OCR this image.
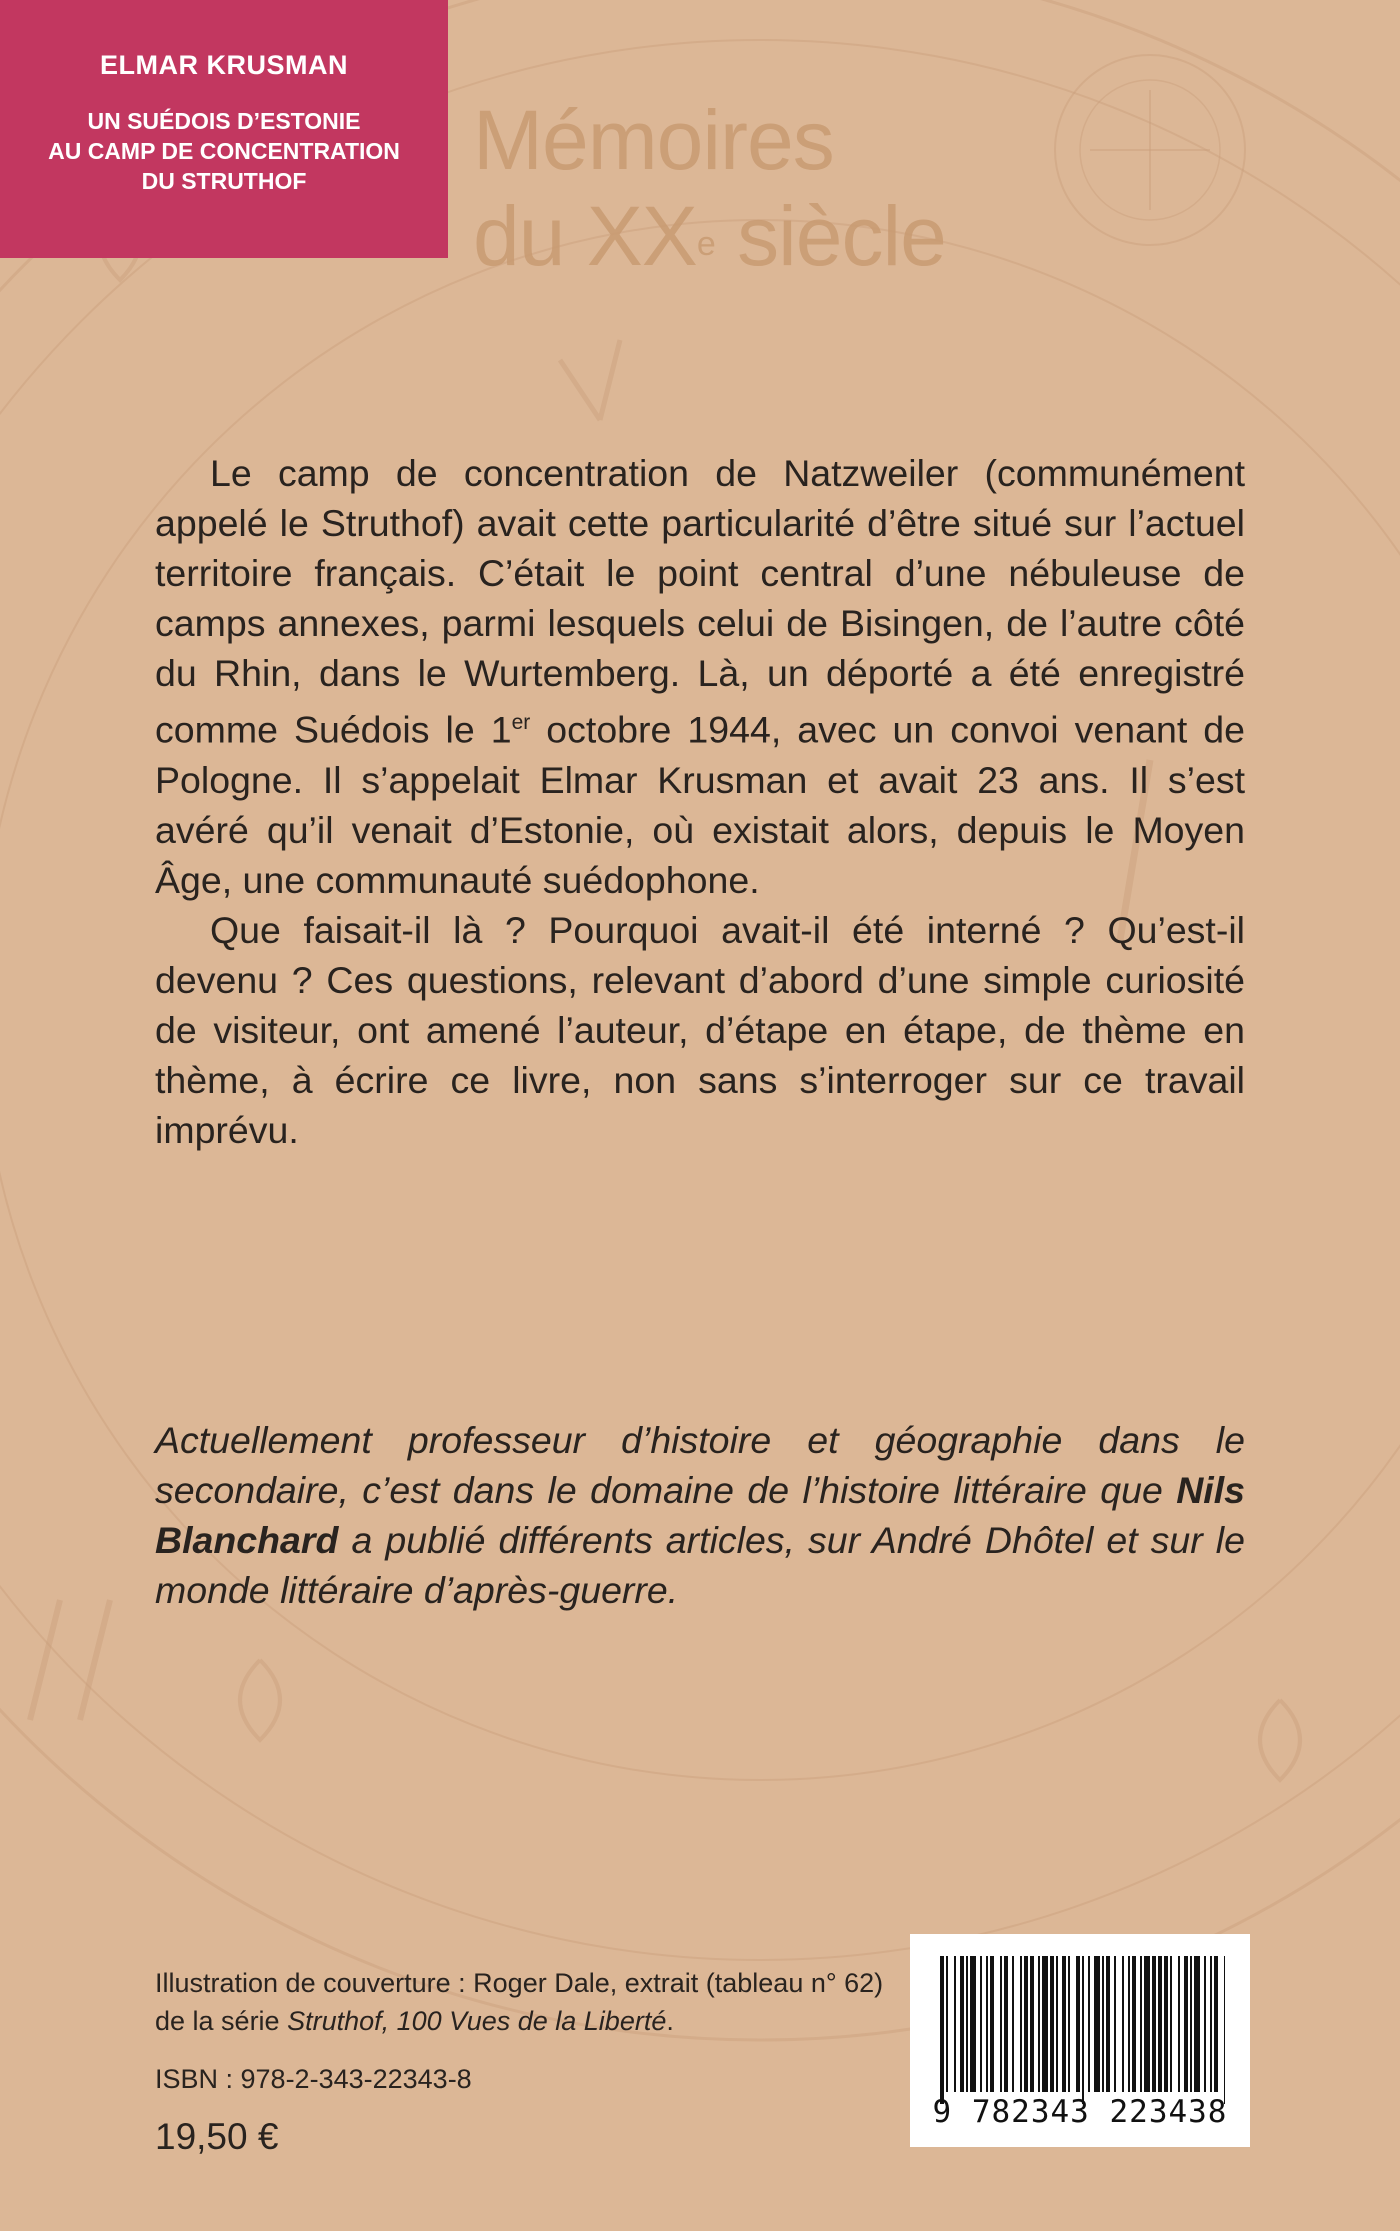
ELMAR KRUSMAN
UN SUÉDOIS D’ESTONIE
AU CAMP DE CONCENTRATION
DU STRUTHOF	Mémoires
du XXe siècle

Le camp de concentration de Natzweiler (communément appelé le Struthof) avait cette particularité d’être situé sur l’actuel territoire français. C’était le point central d’une nébuleuse de camps annexes, parmi lesquels celui de Bisingen, de l’autre côté du Rhin, dans le Wurtemberg. Là, un déporté a été enregistré comme Suédois le 1er octobre 1944, avec un convoi venant de Pologne. Il s’appelait Elmar Krusman et avait 23 ans. Il s’est avéré qu’il venait d’Estonie, où existait alors, depuis le Moyen Âge, une communauté suédophone.

Que faisait-il là ? Pourquoi avait-il été interné ? Qu’est-il devenu ? Ces questions, relevant d’abord d’une simple curiosité de visiteur, ont amené l’auteur, d’étape en étape, de thème en thème, à écrire ce livre, non sans s’interroger sur ce travail imprévu.

Actuellement professeur d’histoire et géographie dans le secondaire, c’est dans le domaine de l’histoire littéraire que Nils Blanchard a publié différents articles, sur André Dhôtel et sur le monde littéraire d’après-guerre.
Illustration de couverture : Roger Dale, extrait (tableau n° 62)
de la série Struthof, 100 Vues de la Liberté.
ISBN : 978-2-343-22343-8
19,50 €
9 782343 223438
